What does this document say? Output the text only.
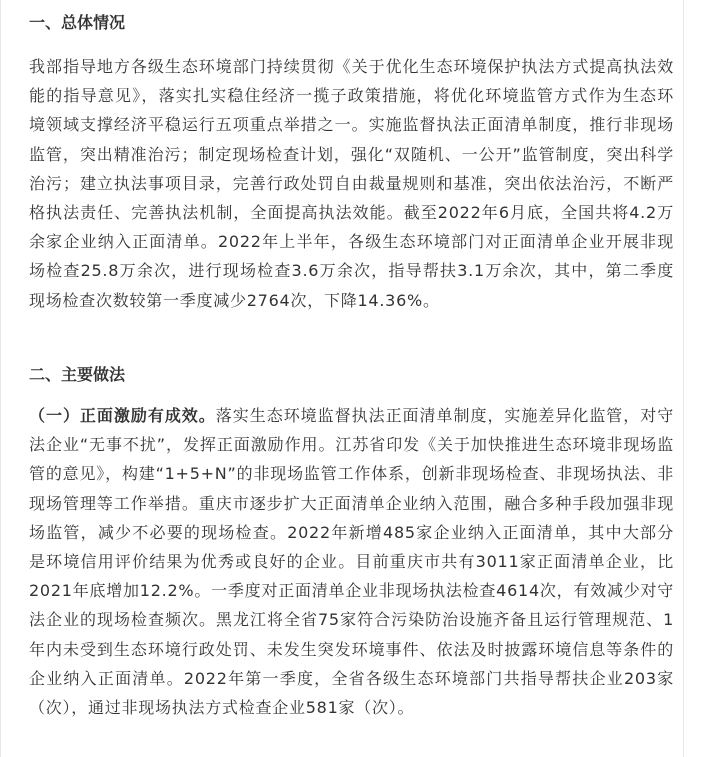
一、总体情况

我部指导地方各级生态环境部门持续贯彻《关于优化生态环境保护执法方式提高执法效能的指导意见》，落实扎实稳住经济一揽子政策措施，将优化环境监管方式作为生态环境领域支撑经济平稳运行五项重点举措之一。实施监督执法正面清单制度，推行非现场监管，突出精准治污；制定现场检查计划，强化“双随机、一公开”监管制度，突出科学治污；建立执法事项目录，完善行政处罚自由裁量规则和基准，突出依法治污，不断严格执法责任、完善执法机制，全面提高执法效能。截至2022年6月底，全国共将4.2万余家企业纳入正面清单。2022年上半年，各级生态环境部门对正面清单企业开展非现场检查25.8万余次，进行现场检查3.6万余次，指导帮扶3.1万余次，其中，第二季度现场检查次数较第一季度减少2764次，下降14.36%。

二、主要做法

（一）正面激励有成效。落实生态环境监督执法正面清单制度，实施差异化监管，对守法企业“无事不扰”，发挥正面激励作用。江苏省印发《关于加快推进生态环境非现场监管的意见》，构建“1+5+N”的非现场监管工作体系，创新非现场检查、非现场执法、非现场管理等工作举措。重庆市逐步扩大正面清单企业纳入范围，融合多种手段加强非现场监管，减少不必要的现场检查。2022年新增485家企业纳入正面清单，其中大部分是环境信用评价结果为优秀或良好的企业。目前重庆市共有3011家正面清单企业，比2021年底增加12.2%。一季度对正面清单企业非现场执法检查4614次，有效减少对守法企业的现场检查频次。黑龙江将全省75家符合污染防治设施齐备且运行管理规范、1年内未受到生态环境行政处罚、未发生突发环境事件、依法及时披露环境信息等条件的企业纳入正面清单。2022年第一季度，全省各级生态环境部门共指导帮扶企业203家（次），通过非现场执法方式检查企业581家（次）。
